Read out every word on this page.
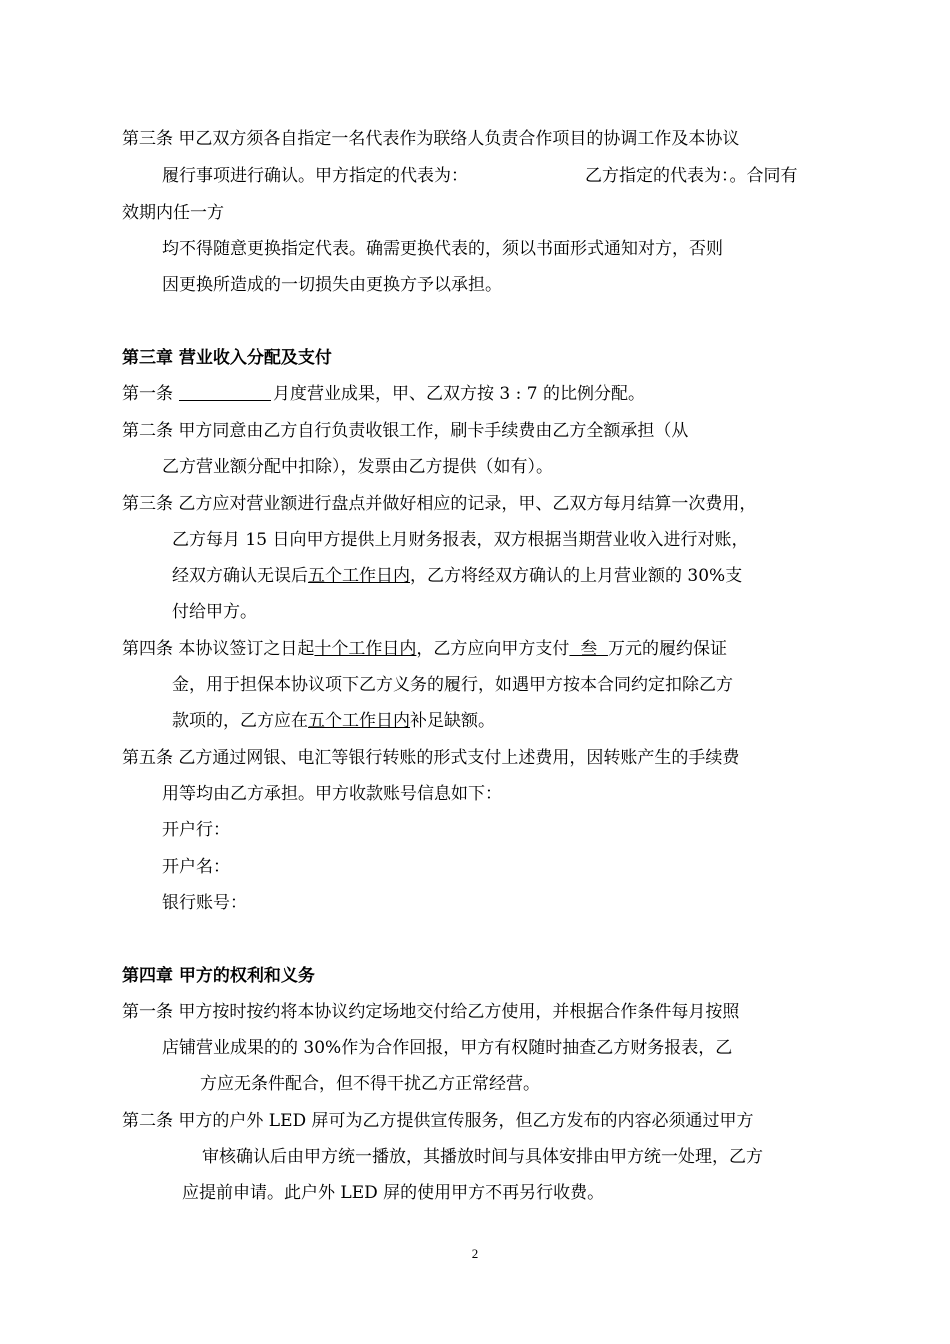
第三条 甲乙双方须各自指定一名代表作为联络人负责合作项目的协调工作及本协议
履行事项进行确认。甲方指定的代表为：	乙方指定的代表为：。合同有
效期内任一方
均不得随意更换指定代表。确需更换代表的，须以书面形式通知对方，否则
因更换所造成的一切损失由更换方予以承担。
第三章 营业收入分配及支付
第一条	月度营业成果，甲、乙双方按 3 : 7 的比例分配。
第二条 甲方同意由乙方自行负责收银工作，刷卡手续费由乙方全额承担（从
乙方营业额分配中扣除），发票由乙方提供（如有）。
第三条 乙方应对营业额进行盘点并做好相应的记录，甲、乙双方每月结算一次费用，
乙方每月 15 日向甲方提供上月财务报表，双方根据当期营业收入进行对账，
经双方确认无误后五个工作日内，乙方将经双方确认的上月营业额的 30%支
付给甲方。
第四条 本协议签订之日起十个工作日内，乙方应向甲方支付  叁  万元的履约保证
金，用于担保本协议项下乙方义务的履行，如遇甲方按本合同约定扣除乙方
款项的，乙方应在五个工作日内补足缺额。
第五条 乙方通过网银、电汇等银行转账的形式支付上述费用，因转账产生的手续费
用等均由乙方承担。甲方收款账号信息如下：
开户行：
开户名：
银行账号：
第四章 甲方的权利和义务
第一条 甲方按时按约将本协议约定场地交付给乙方使用，并根据合作条件每月按照
店铺营业成果的的 30%作为合作回报，甲方有权随时抽查乙方财务报表，乙
方应无条件配合，但不得干扰乙方正常经营。
第二条 甲方的户外 LED 屏可为乙方提供宣传服务，但乙方发布的内容必须通过甲方
审核确认后由甲方统一播放，其播放时间与具体安排由甲方统一处理，乙方
应提前申请。此户外 LED 屏的使用甲方不再另行收费。
2
